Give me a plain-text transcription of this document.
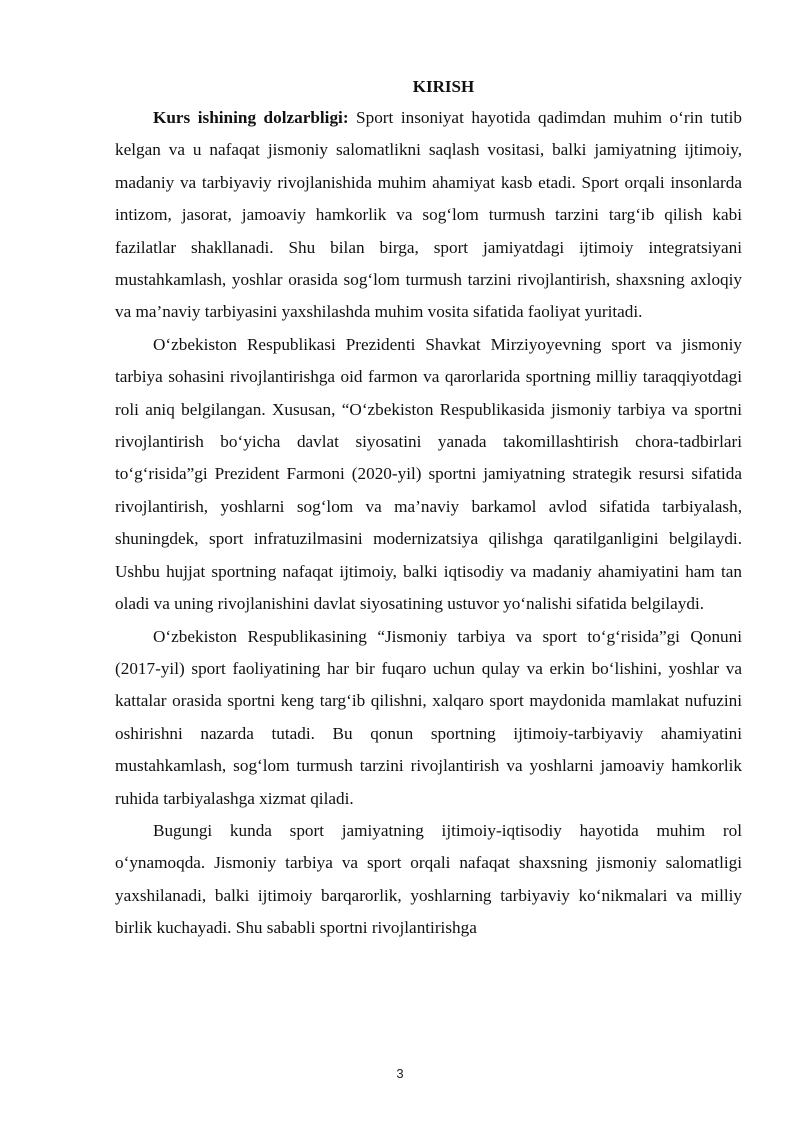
KIRISH

Kurs ishining dolzarbligi: Sport insoniyat hayotida qadimdan muhim o‘rin tutib kelgan va u nafaqat jismoniy salomatlikni saqlash vositasi, balki jamiyatning ijtimoiy, madaniy va tarbiyaviy rivojlanishida muhim ahamiyat kasb etadi. Sport orqali insonlarda intizom, jasorat, jamoaviy hamkorlik va sog‘lom turmush tarzini targ‘ib qilish kabi fazilatlar shakllanadi. Shu bilan birga, sport jamiyatdagi ijtimoiy integratsiyani mustahkamlash, yoshlar orasida sog‘lom turmush tarzini rivojlantirish, shaxsning axloqiy va ma’naviy tarbiyasini yaxshilashda muhim vosita sifatida faoliyat yuritadi.

O‘zbekiston Respublikasi Prezidenti Shavkat Mirziyoyevning sport va jismoniy tarbiya sohasini rivojlantirishga oid farmon va qarorlarida sportning milliy taraqqiyotdagi roli aniq belgilangan. Xususan, “O‘zbekiston Respublikasida jismoniy tarbiya va sportni rivojlantirish bo‘yicha davlat siyosatini yanada takomillashtirish chora-tadbirlari to‘g‘risida”gi Prezident Farmoni (2020-yil) sportni jamiyatning strategik resursi sifatida rivojlantirish, yoshlarni sog‘lom va ma’naviy barkamol avlod sifatida tarbiyalash, shuningdek, sport infratuzilmasini modernizatsiya qilishga qaratilganligini belgilaydi. Ushbu hujjat sportning nafaqat ijtimoiy, balki iqtisodiy va madaniy ahamiyatini ham tan oladi va uning rivojlanishini davlat siyosatining ustuvor yo‘nalishi sifatida belgilaydi.

O‘zbekiston Respublikasining “Jismoniy tarbiya va sport to‘g‘risida”gi Qonuni (2017-yil) sport faoliyatining har bir fuqaro uchun qulay va erkin bo‘lishini, yoshlar va kattalar orasida sportni keng targ‘ib qilishni, xalqaro sport maydonida mamlakat nufuzini oshirishni nazarda tutadi. Bu qonun sportning ijtimoiy-tarbiyaviy ahamiyatini mustahkamlash, sog‘lom turmush tarzini rivojlantirish va yoshlarni jamoaviy hamkorlik ruhida tarbiyalashga xizmat qiladi.

Bugungi kunda sport jamiyatning ijtimoiy-iqtisodiy hayotida muhim rol o‘ynamoqda. Jismoniy tarbiya va sport orqali nafaqat shaxsning jismoniy salomatligi yaxshilanadi, balki ijtimoiy barqarorlik, yoshlarning tarbiyaviy ko‘nikmalari va milliy birlik kuchayadi. Shu sababli sportni rivojlantirishga

3
